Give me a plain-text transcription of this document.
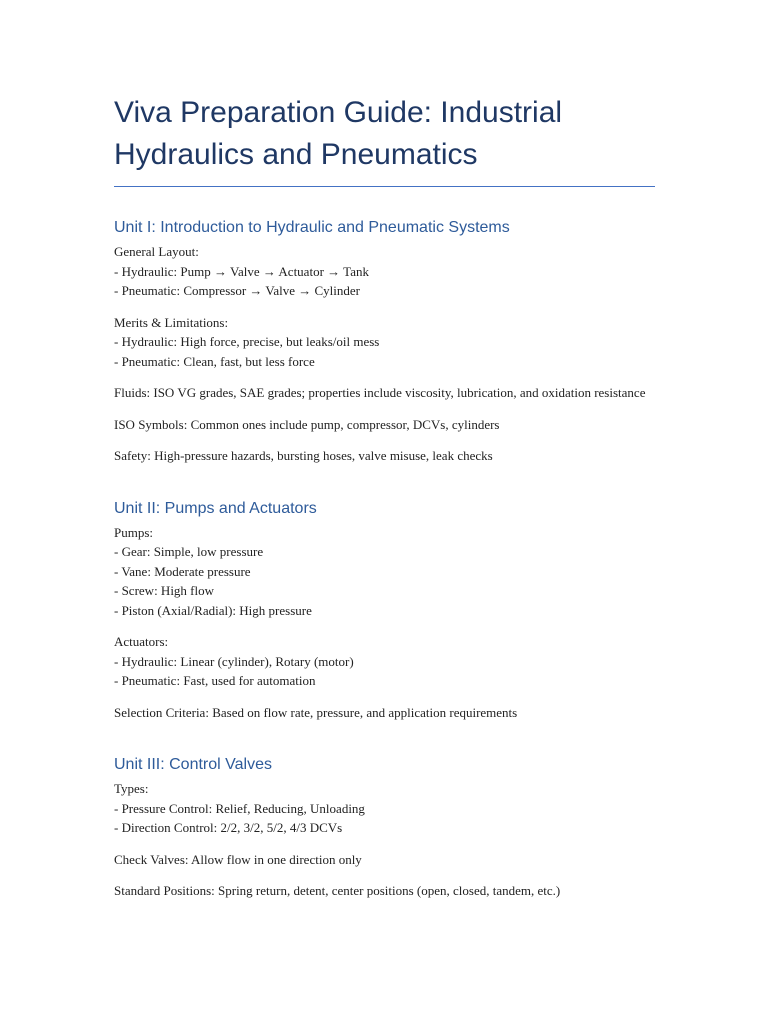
Viva Preparation Guide: Industrial Hydraulics and Pneumatics
Unit I: Introduction to Hydraulic and Pneumatic Systems

General Layout:
- Hydraulic: Pump → Valve → Actuator → Tank
- Pneumatic: Compressor → Valve → Cylinder

Merits & Limitations:
- Hydraulic: High force, precise, but leaks/oil mess
- Pneumatic: Clean, fast, but less force

Fluids: ISO VG grades, SAE grades; properties include viscosity, lubrication, and oxidation resistance

ISO Symbols: Common ones include pump, compressor, DCVs, cylinders

Safety: High-pressure hazards, bursting hoses, valve misuse, leak checks

Unit II: Pumps and Actuators

Pumps:
- Gear: Simple, low pressure
- Vane: Moderate pressure
- Screw: High flow
- Piston (Axial/Radial): High pressure

Actuators:
- Hydraulic: Linear (cylinder), Rotary (motor)
- Pneumatic: Fast, used for automation

Selection Criteria: Based on flow rate, pressure, and application requirements

Unit III: Control Valves

Types:
- Pressure Control: Relief, Reducing, Unloading
- Direction Control: 2/2, 3/2, 5/2, 4/3 DCVs

Check Valves: Allow flow in one direction only

Standard Positions: Spring return, detent, center positions (open, closed, tandem, etc.)
